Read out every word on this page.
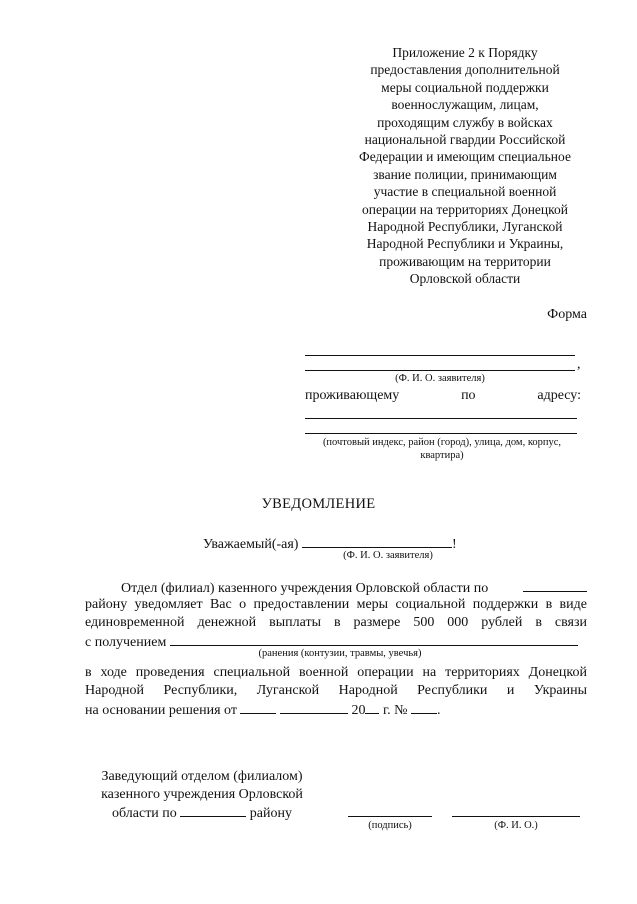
Приложение 2 к Порядку
предоставления дополнительной
меры социальной поддержки
военнослужащим, лицам,
проходящим службу в войсках
национальной гвардии Российской
Федерации и имеющим специальное
звание полиции, принимающим
участие в специальной военной
операции на территориях Донецкой
Народной Республики, Луганской
Народной Республики и Украины,
проживающим на территории
Орловской области
Форма
,
(Ф. И. О. заявителя)
проживающему	по	адресу:
(почтовый индекс, район (город), улица, дом, корпус,
квартира)
УВЕДОМЛЕНИЕ
Уважаемый(-ая)	!
(Ф. И. О. заявителя)
Отдел (филиал) казенного учреждения Орловской области по
району уведомляет Вас о предоставлении меры социальной поддержки в виде
единовременной денежной выплаты в размере 500 000 рублей в связи
с получением
(ранения (контузии, травмы, увечья)
в ходе проведения специальной военной операции на территориях Донецкой
Народной Республики, Луганской Народной Республики и Украины
на основании решения от	20 г. № .
Заведующий отделом (филиалом)
казенного учреждения Орловской
области по	району
(подпись)	(Ф. И. О.)
